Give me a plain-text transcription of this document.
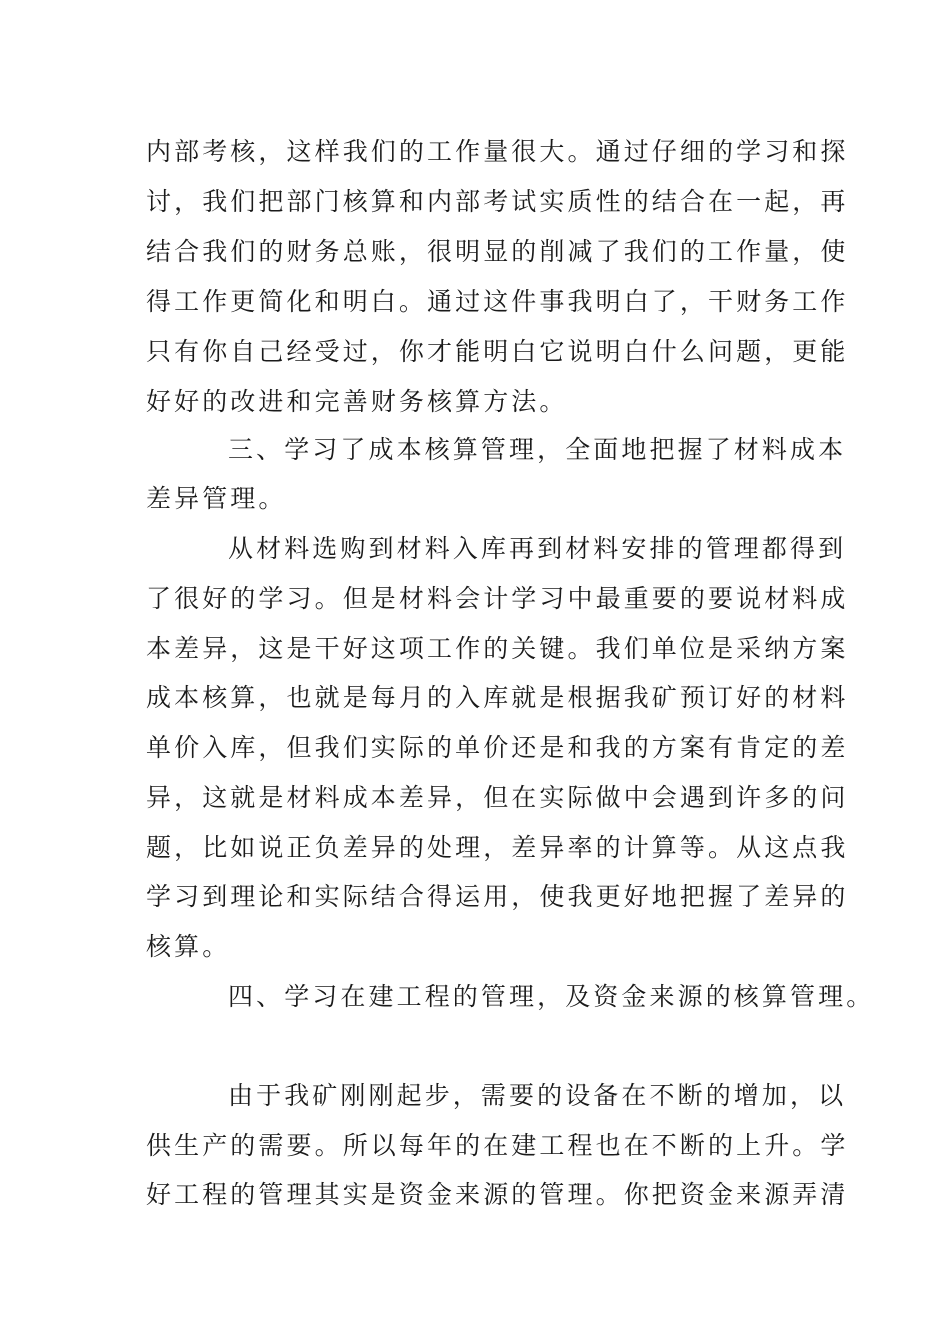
内部考核，这样我们的工作量很大。通过仔细的学习和探
讨，我们把部门核算和内部考试实质性的结合在一起，再
结合我们的财务总账，很明显的削减了我们的工作量，使
得工作更简化和明白。通过这件事我明白了，干财务工作
只有你自己经受过，你才能明白它说明白什么问题，更能
好好的改进和完善财务核算方法。
三、学习了成本核算管理，全面地把握了材料成本
差异管理。
从材料选购到材料入库再到材料安排的管理都得到
了很好的学习。但是材料会计学习中最重要的要说材料成
本差异，这是干好这项工作的关键。我们单位是采纳方案
成本核算，也就是每月的入库就是根据我矿预订好的材料
单价入库，但我们实际的单价还是和我的方案有肯定的差
异，这就是材料成本差异，但在实际做中会遇到许多的问
题，比如说正负差异的处理，差异率的计算等。从这点我
学习到理论和实际结合得运用，使我更好地把握了差异的
核算。
四、学习在建工程的管理，及资金来源的核算管理。
由于我矿刚刚起步，需要的设备在不断的增加，以
供生产的需要。所以每年的在建工程也在不断的上升。学
好工程的管理其实是资金来源的管理。你把资金来源弄清
